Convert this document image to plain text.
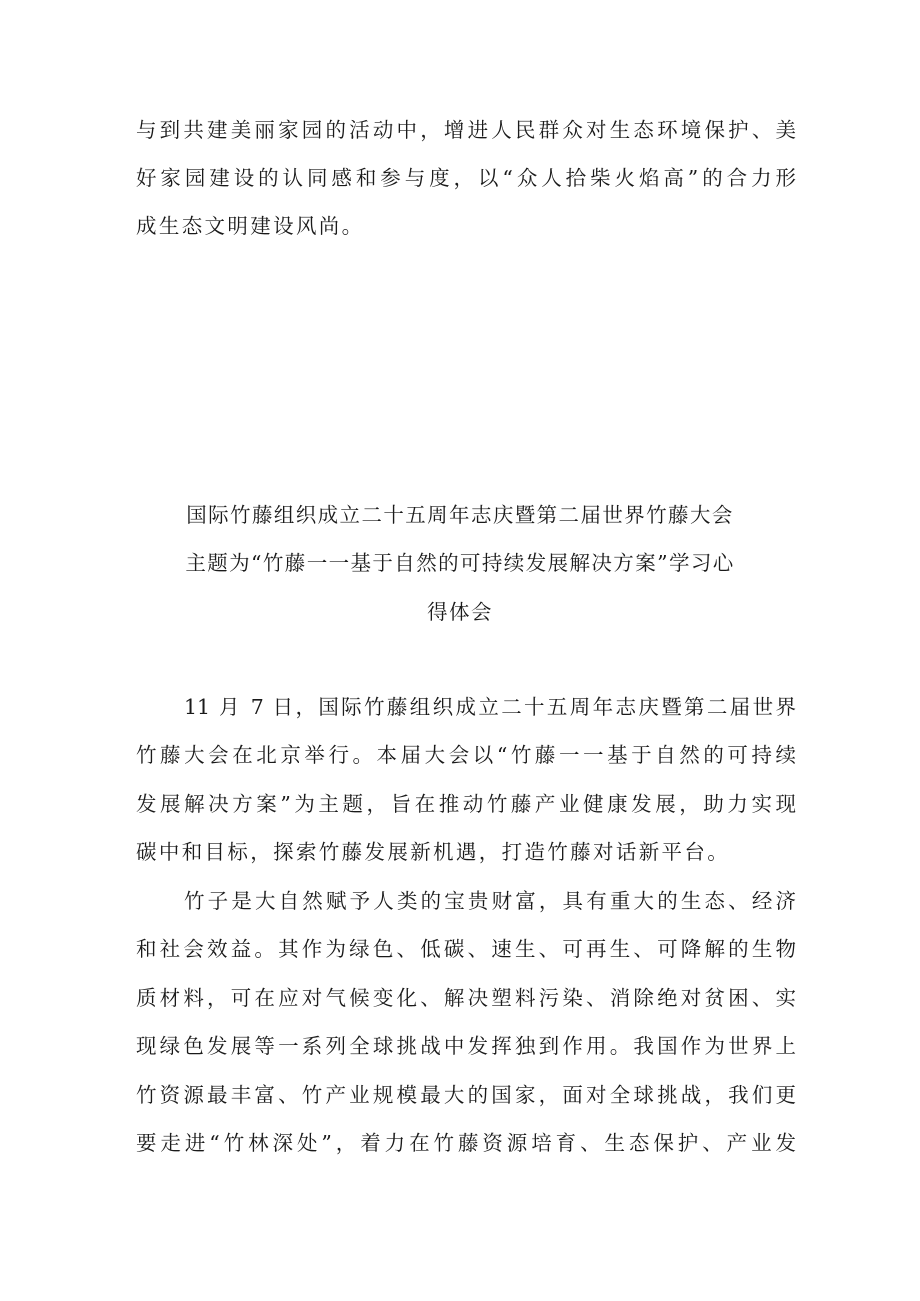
与到共建美丽家园的活动中，增进人民群众对生态环境保护、美

好家园建设的认同感和参与度，以“众人拾柴火焰高”的合力形

成生态文明建设风尚。

国际竹藤组织成立二十五周年志庆暨第二届世界竹藤大会

主题为“竹藤一一基于自然的可持续发展解决方案”学习心

得体会

11 月 7 日，国际竹藤组织成立二十五周年志庆暨第二届世界

竹藤大会在北京举行。本届大会以“竹藤一一基于自然的可持续

发展解决方案”为主题，旨在推动竹藤产业健康发展，助力实现

碳中和目标，探索竹藤发展新机遇，打造竹藤对话新平台。

竹子是大自然赋予人类的宝贵财富，具有重大的生态、经济

和社会效益。其作为绿色、低碳、速生、可再生、可降解的生物

质材料，可在应对气候变化、解决塑料污染、消除绝对贫困、实

现绿色发展等一系列全球挑战中发挥独到作用。我国作为世界上

竹资源最丰富、竹产业规模最大的国家，面对全球挑战，我们更

要走进“竹林深处”，着力在竹藤资源培育、生态保护、产业发
